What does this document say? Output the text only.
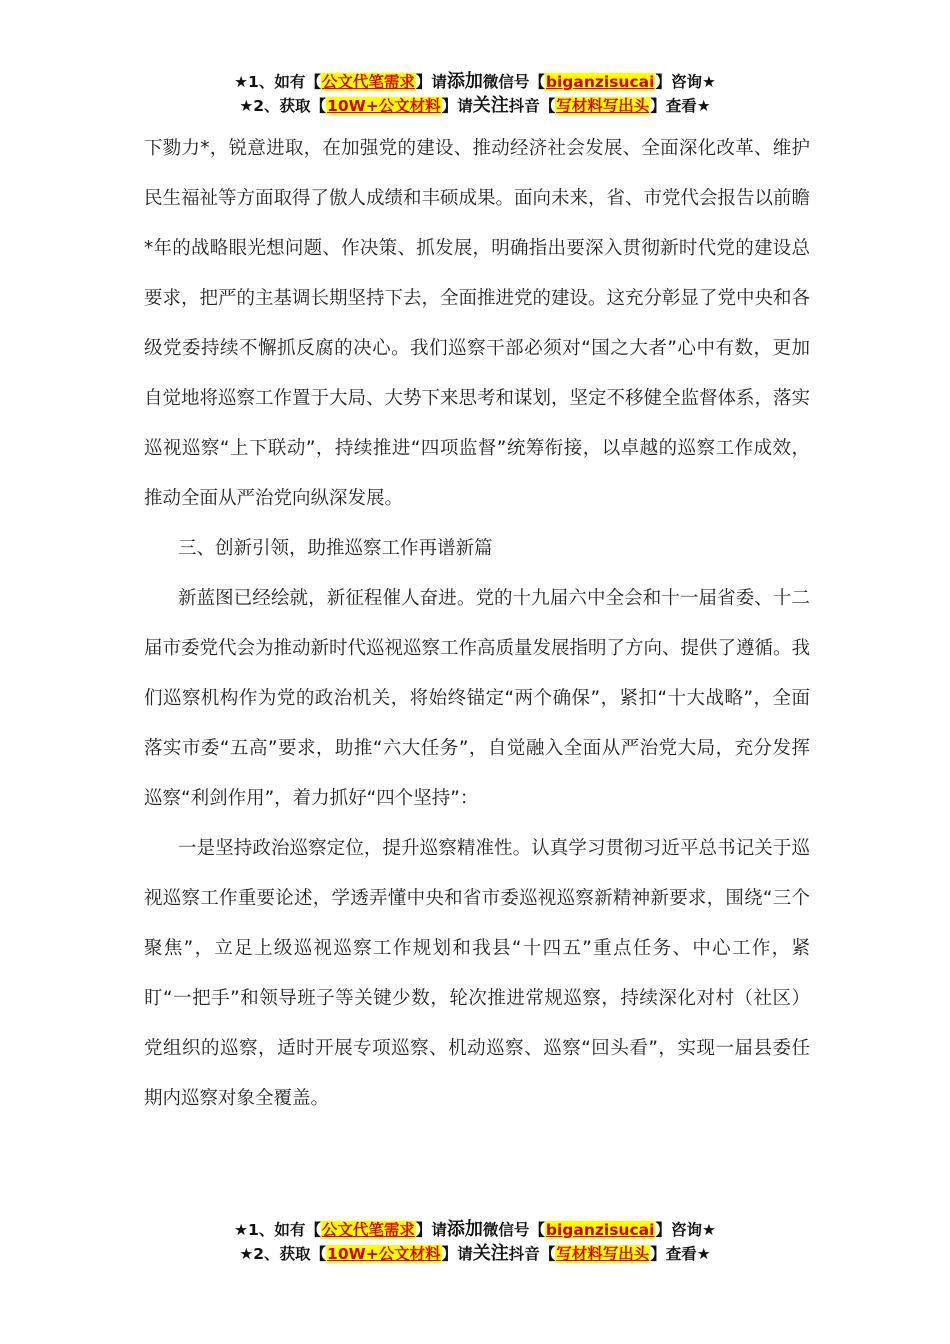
★1、如有【公文代笔需求】请添加微信号【biganzisucai】咨询★
★2、获取【10W+公文材料】请关注抖音【写材料写出头】查看★

下勠力*，锐意进取，在加强党的建设、推动经济社会发展、全面深化改革、维护民生福祉等方面取得了傲人成绩和丰硕成果。面向未来，省、市党代会报告以前瞻*年的战略眼光想问题、作决策、抓发展，明确指出要深入贯彻新时代党的建设总要求，把严的主基调长期坚持下去，全面推进党的建设。这充分彰显了党中央和各级党委持续不懈抓反腐的决心。我们巡察干部必须对“国之大者”心中有数，更加自觉地将巡察工作置于大局、大势下来思考和谋划，坚定不移健全监督体系，落实巡视巡察“上下联动”，持续推进“四项监督”统筹衔接，以卓越的巡察工作成效，推动全面从严治党向纵深发展。

三、创新引领，助推巡察工作再谱新篇

新蓝图已经绘就，新征程催人奋进。党的十九届六中全会和十一届省委、十二届市委党代会为推动新时代巡视巡察工作高质量发展指明了方向、提供了遵循。我们巡察机构作为党的政治机关，将始终锚定“两个确保”，紧扣“十大战略”，全面落实市委“五高”要求，助推“六大任务”，自觉融入全面从严治党大局，充分发挥巡察“利剑作用”，着力抓好“四个坚持”：

一是坚持政治巡察定位，提升巡察精准性。认真学习贯彻习近平总书记关于巡视巡察工作重要论述，学透弄懂中央和省市委巡视巡察新精神新要求，围绕“三个聚焦”，立足上级巡视巡察工作规划和我县“十四五”重点任务、中心工作，紧盯“一把手”和领导班子等关键少数，轮次推进常规巡察，持续深化对村（社区）党组织的巡察，适时开展专项巡察、机动巡察、巡察“回头看”，实现一届县委任期内巡察对象全覆盖。

★1、如有【公文代笔需求】请添加微信号【biganzisucai】咨询★
★2、获取【10W+公文材料】请关注抖音【写材料写出头】查看★
